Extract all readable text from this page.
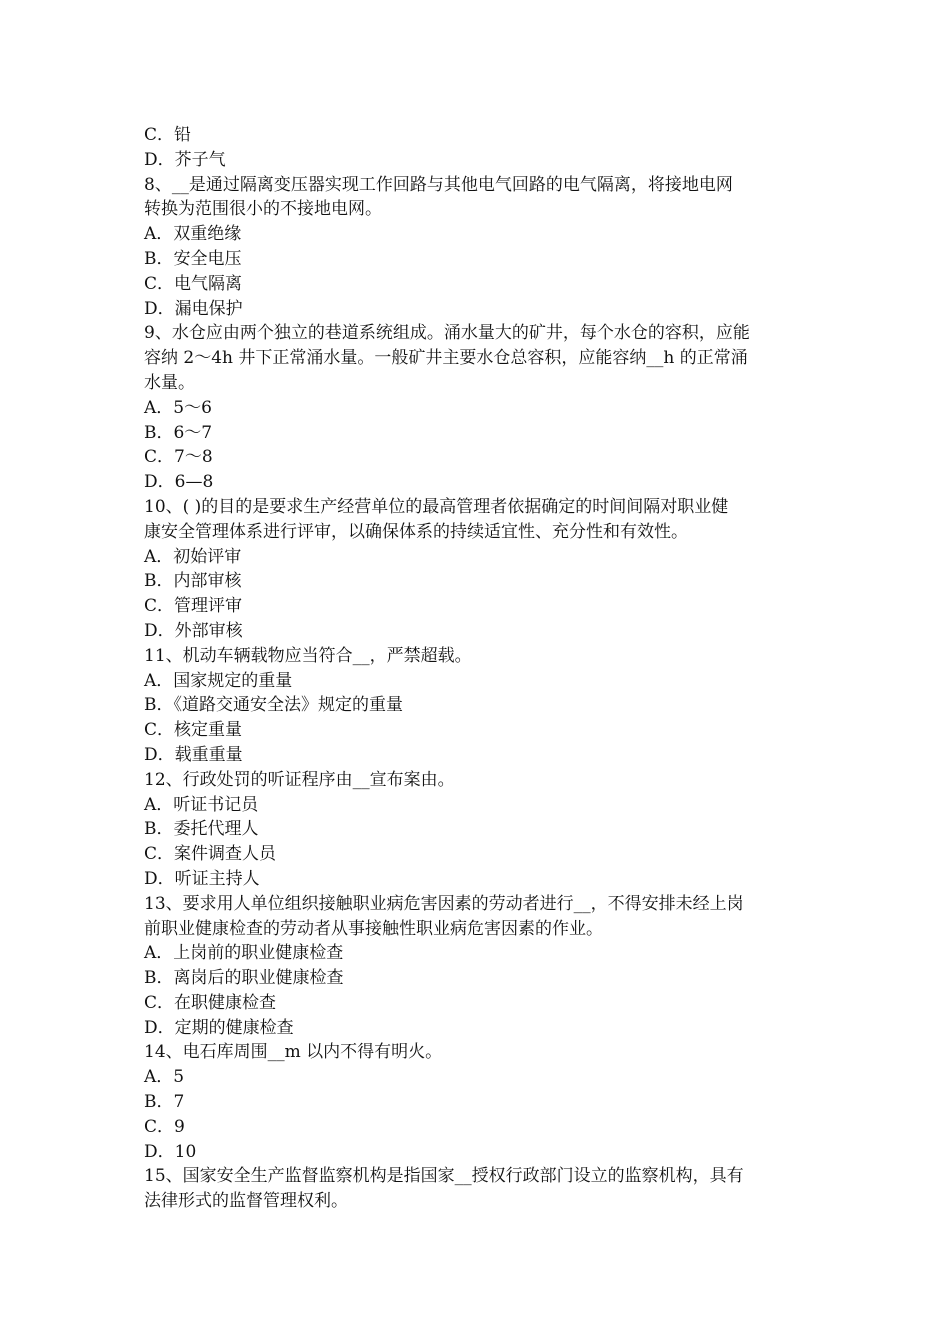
C．铅
D．芥子气
8、__是通过隔离变压器实现工作回路与其他电气回路的电气隔离，将接地电网
转换为范围很小的不接地电网。
A．双重绝缘
B．安全电压
C．电气隔离
D．漏电保护
9、水仓应由两个独立的巷道系统组成。涌水量大的矿井，每个水仓的容积，应能
容纳 2～4h 井下正常涌水量。一般矿井主要水仓总容积，应能容纳__h 的正常涌
水量。
A．5～6
B．6～7
C．7～8
D．6—8
10、( )的目的是要求生产经营单位的最高管理者依据确定的时间间隔对职业健
康安全管理体系进行评审，以确保体系的持续适宜性、充分性和有效性。
A．初始评审
B．内部审核
C．管理评审
D．外部审核
11、机动车辆载物应当符合__，严禁超载。
A．国家规定的重量
B．《道路交通安全法》规定的重量
C．核定重量
D．载重重量
12、行政处罚的听证程序由__宣布案由。
A．听证书记员
B．委托代理人
C．案件调查人员
D．听证主持人
13、要求用人单位组织接触职业病危害因素的劳动者进行__，不得安排未经上岗
前职业健康检查的劳动者从事接触性职业病危害因素的作业。
A．上岗前的职业健康检查
B．离岗后的职业健康检查
C．在职健康检查
D．定期的健康检查
14、电石库周围__m 以内不得有明火。
A．5
B．7
C．9
D．10
15、国家安全生产监督监察机构是指国家__授权行政部门设立的监察机构，具有
法律形式的监督管理权利。
